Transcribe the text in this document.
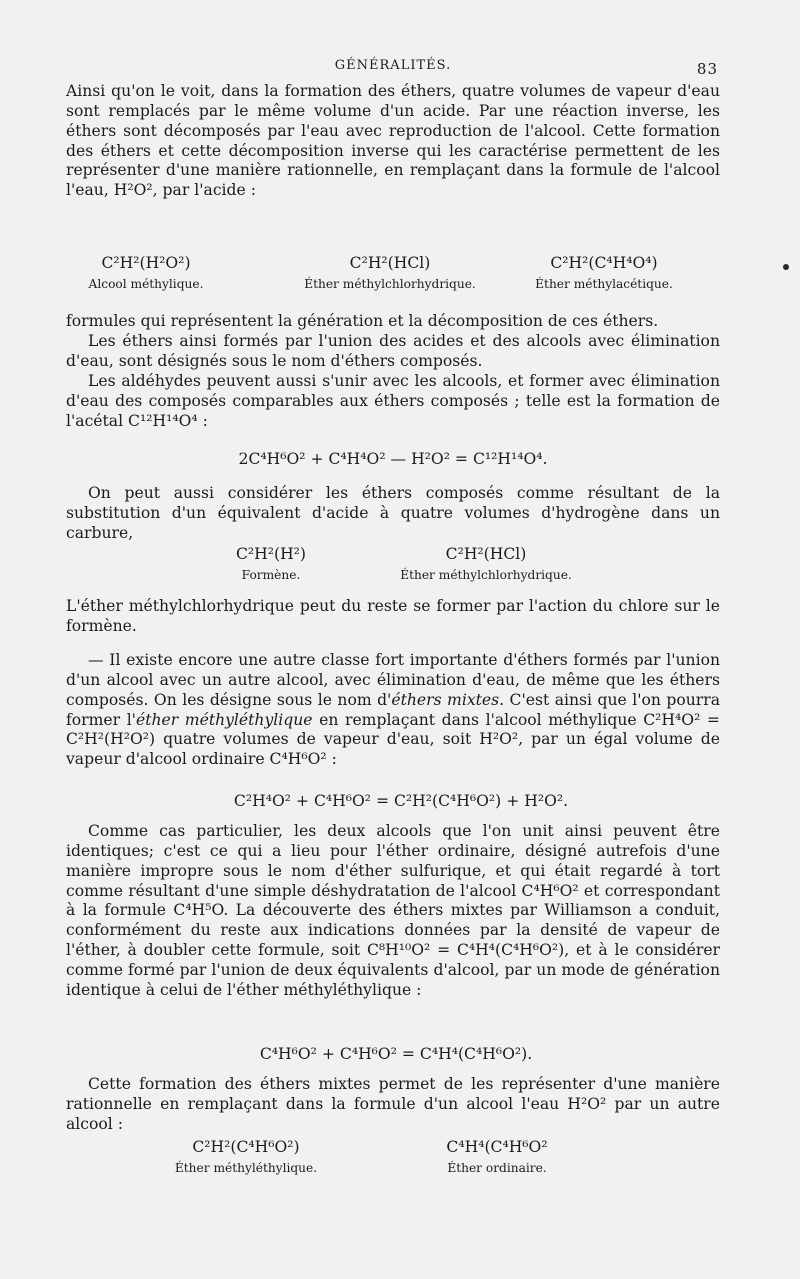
GÉNÉRALITÉS.	83

Ainsi qu'on le voit, dans la formation des éthers, quatre volumes de vapeur d'eau sont remplacés par le même volume d'un acide. Par une réaction inverse, les éthers sont décomposés par l'eau avec reproduction de l'alcool. Cette formation des éthers et cette décomposition inverse qui les caractérise permettent de les représenter d'une manière rationnelle, en remplaçant dans la formule de l'alcool l'eau, H²O², par l'acide :

C²H²(H²O²)	C²H²(HCl)	C²H²(C⁴H⁴O⁴)
Alcool méthylique.	Éther méthylchlorhydrique.	Éther méthylacétique.

formules qui représentent la génération et la décomposition de ces éthers.

Les éthers ainsi formés par l'union des acides et des alcools avec élimination d'eau, sont désignés sous le nom d'éthers composés.

Les aldéhydes peuvent aussi s'unir avec les alcools, et former avec élimination d'eau des composés comparables aux éthers composés ; telle est la formation de l'acétal C¹²H¹⁴O⁴ :

2C⁴H⁶O² + C⁴H⁴O² — H²O² = C¹²H¹⁴O⁴.

On peut aussi considérer les éthers composés comme résultant de la substitution d'un équivalent d'acide à quatre volumes d'hydrogène dans un carbure,

C²H²(H²)	C²H²(HCl)
Formène.	Éther méthylchlorhydrique.

L'éther méthylchlorhydrique peut du reste se former par l'action du chlore sur le formène.

— Il existe encore une autre classe fort importante d'éthers formés par l'union d'un alcool avec un autre alcool, avec élimination d'eau, de même que les éthers composés. On les désigne sous le nom d'éthers mixtes. C'est ainsi que l'on pourra former l'éther méthyléthylique en remplaçant dans l'alcool méthylique C²H⁴O² = C²H²(H²O²) quatre volumes de vapeur d'eau, soit H²O², par un égal volume de vapeur d'alcool ordinaire C⁴H⁶O² :

C²H⁴O² + C⁴H⁶O² = C²H²(C⁴H⁶O²) + H²O².

Comme cas particulier, les deux alcools que l'on unit ainsi peuvent être identiques; c'est ce qui a lieu pour l'éther ordinaire, désigné autrefois d'une manière impropre sous le nom d'éther sulfurique, et qui était regardé à tort comme résultant d'une simple déshydratation de l'alcool C⁴H⁶O² et correspondant à la formule C⁴H⁵O. La découverte des éthers mixtes par Williamson a conduit, conformément du reste aux indications données par la densité de vapeur de l'éther, à doubler cette formule, soit C⁸H¹⁰O² = C⁴H⁴(C⁴H⁶O²), et à le considérer comme formé par l'union de deux équivalents d'alcool, par un mode de génération identique à celui de l'éther méthyléthylique :

C⁴H⁶O² + C⁴H⁶O² = C⁴H⁴(C⁴H⁶O²).

Cette formation des éthers mixtes permet de les représenter d'une manière rationnelle en remplaçant dans la formule d'un alcool l'eau H²O² par un autre alcool :

C²H²(C⁴H⁶O²)	C⁴H⁴(C⁴H⁶O²
Éther méthyléthylique.	Éther ordinaire.
